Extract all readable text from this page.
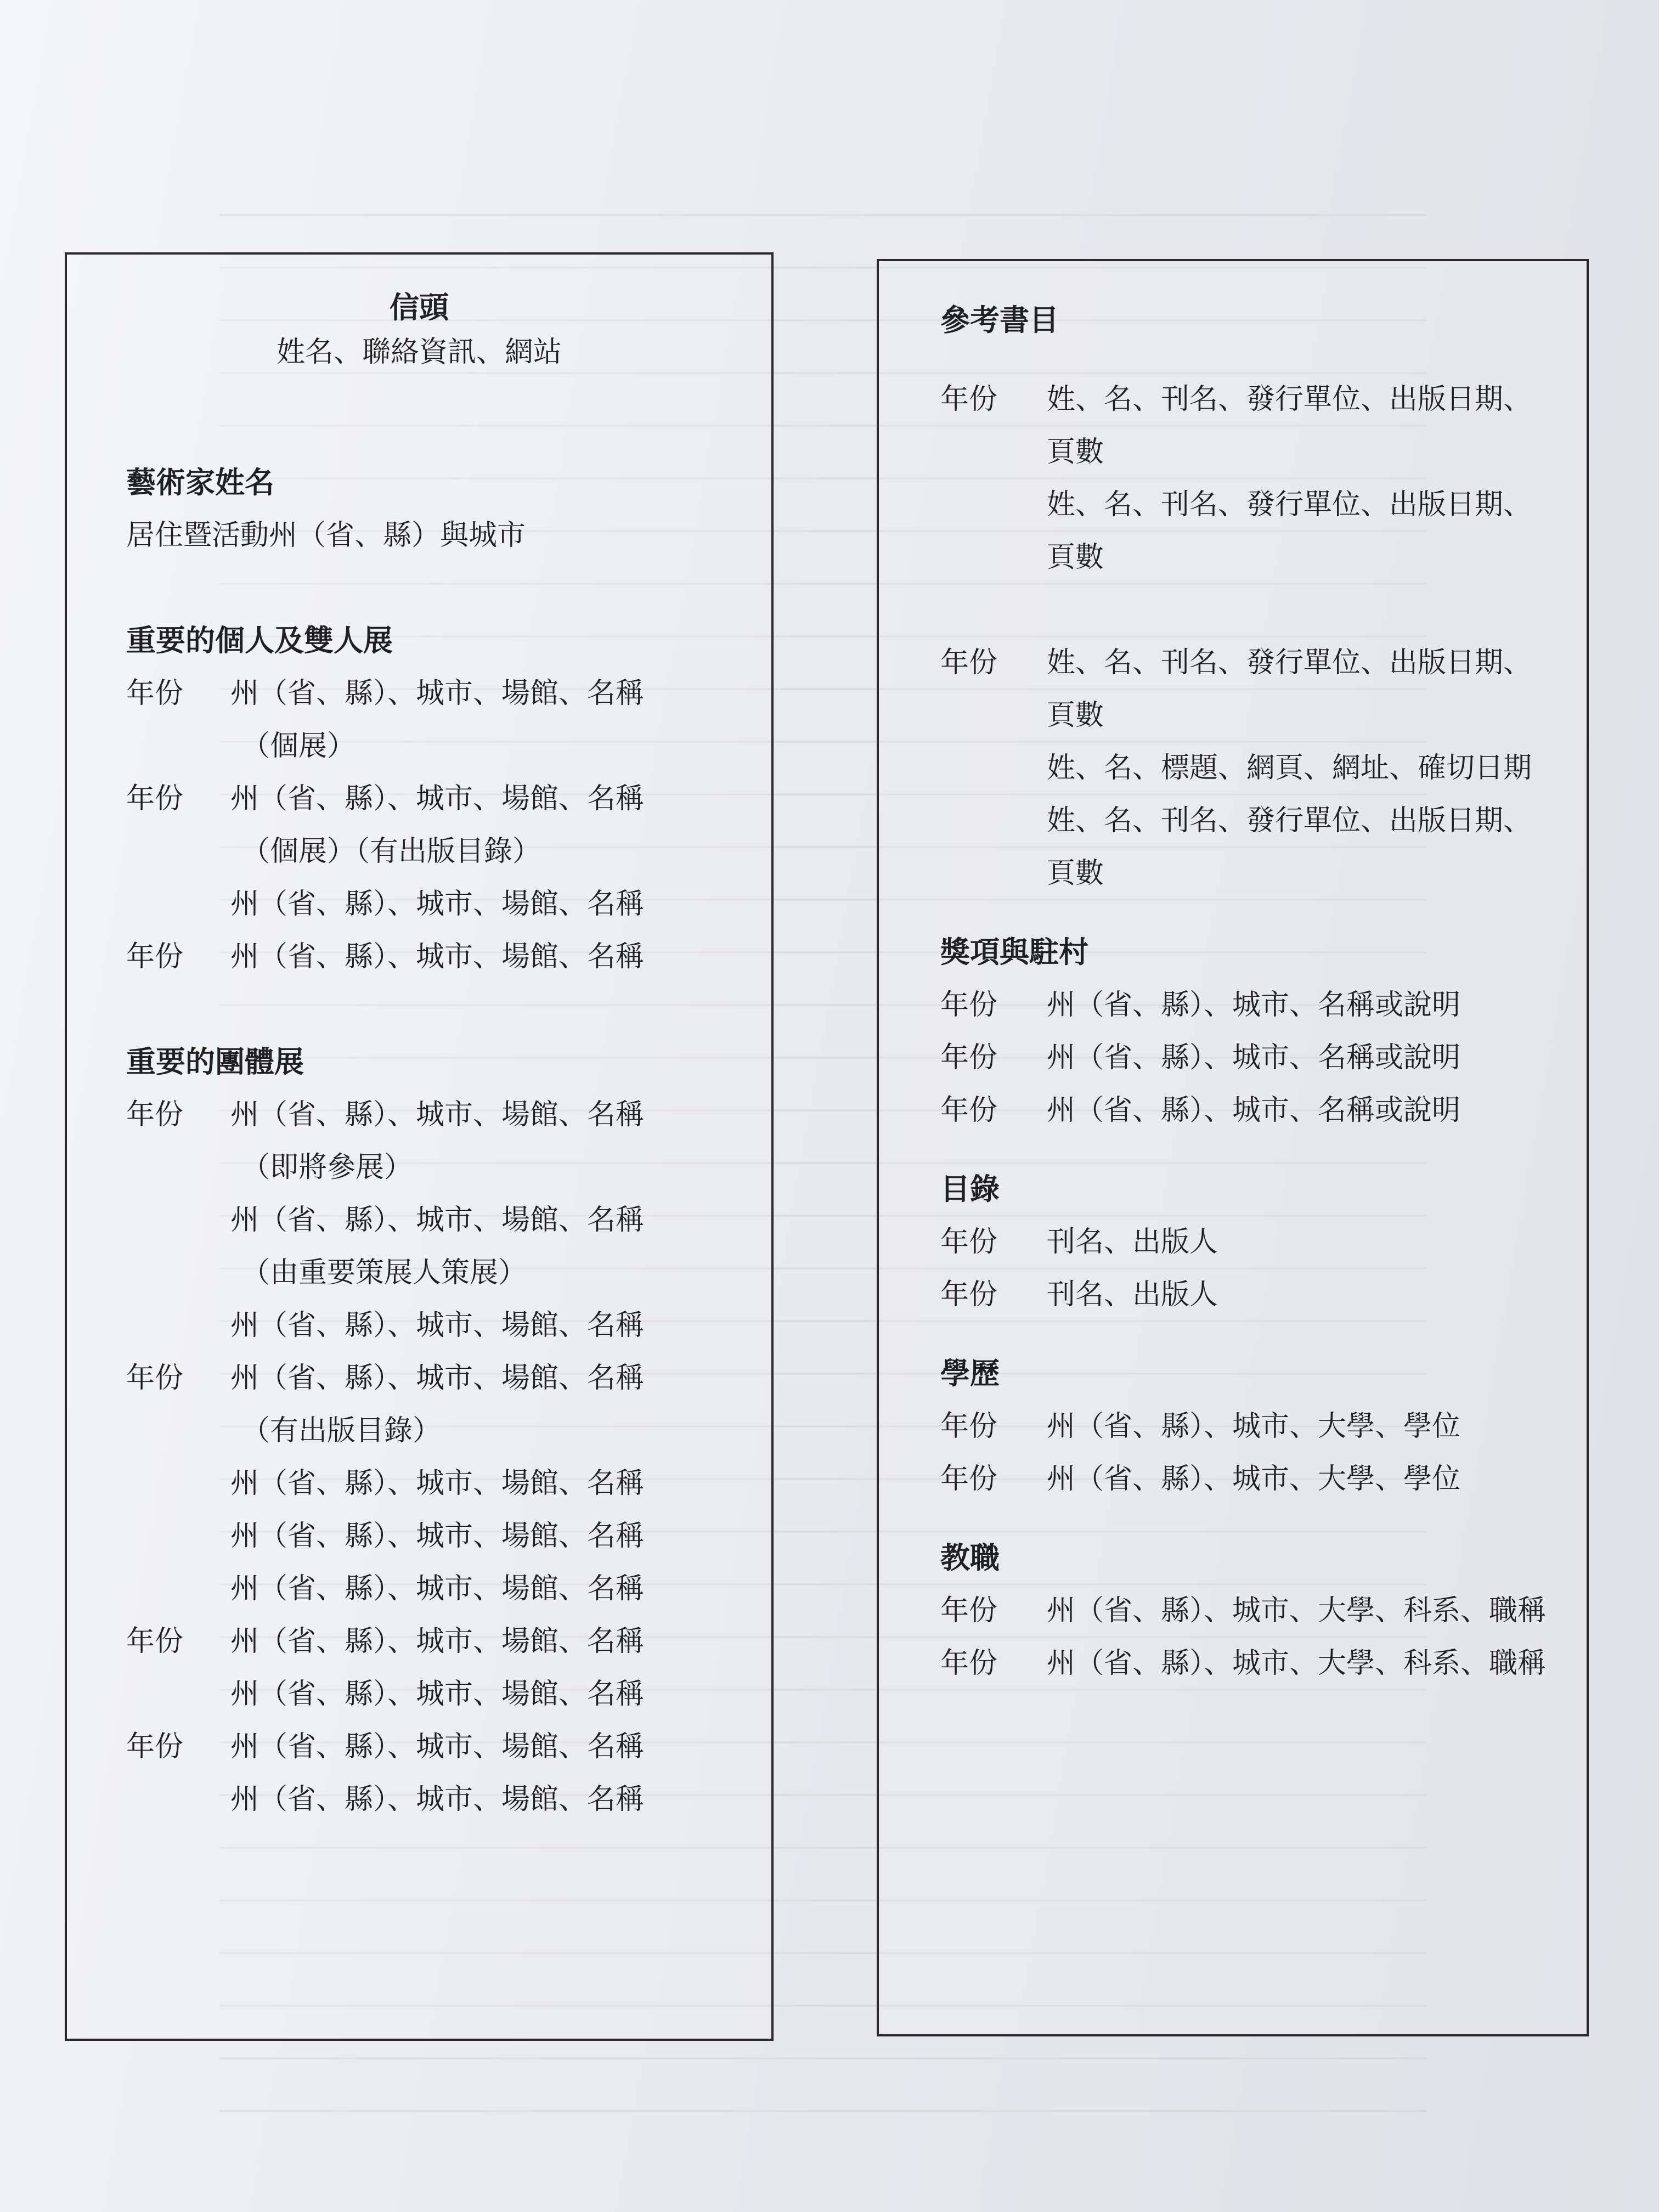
信頭
姓名、聯絡資訊、網站
藝術家姓名
居住暨活動州（省、縣）與城市
重要的個人及雙人展
年份	州（省、縣）、城市、場館、名稱
（個展）
年份	州（省、縣）、城市、場館、名稱
（個展）（有出版目錄）
州（省、縣）、城市、場館、名稱
年份	州（省、縣）、城市、場館、名稱
重要的團體展
年份	州（省、縣）、城市、場館、名稱
（即將參展）
州（省、縣）、城市、場館、名稱
（由重要策展人策展）
州（省、縣）、城市、場館、名稱
年份	州（省、縣）、城市、場館、名稱
（有出版目錄）
州（省、縣）、城市、場館、名稱
州（省、縣）、城市、場館、名稱
州（省、縣）、城市、場館、名稱
年份	州（省、縣）、城市、場館、名稱
州（省、縣）、城市、場館、名稱
年份	州（省、縣）、城市、場館、名稱
州（省、縣）、城市、場館、名稱
參考書目
年份	姓、名、刊名、發行單位、出版日期、頁數
姓、名、刊名、發行單位、出版日期、頁數
年份	姓、名、刊名、發行單位、出版日期、頁數
姓、名、標題、網頁、網址、確切日期
姓、名、刊名、發行單位、出版日期、頁數
獎項與駐村
年份	州（省、縣）、城市、名稱或說明
年份	州（省、縣）、城市、名稱或說明
年份	州（省、縣）、城市、名稱或說明
目錄
年份	刊名、出版人
年份	刊名、出版人
學歷
年份	州（省、縣）、城市、大學、學位
年份	州（省、縣）、城市、大學、學位
教職
年份	州（省、縣）、城市、大學、科系、職稱
年份	州（省、縣）、城市、大學、科系、職稱
